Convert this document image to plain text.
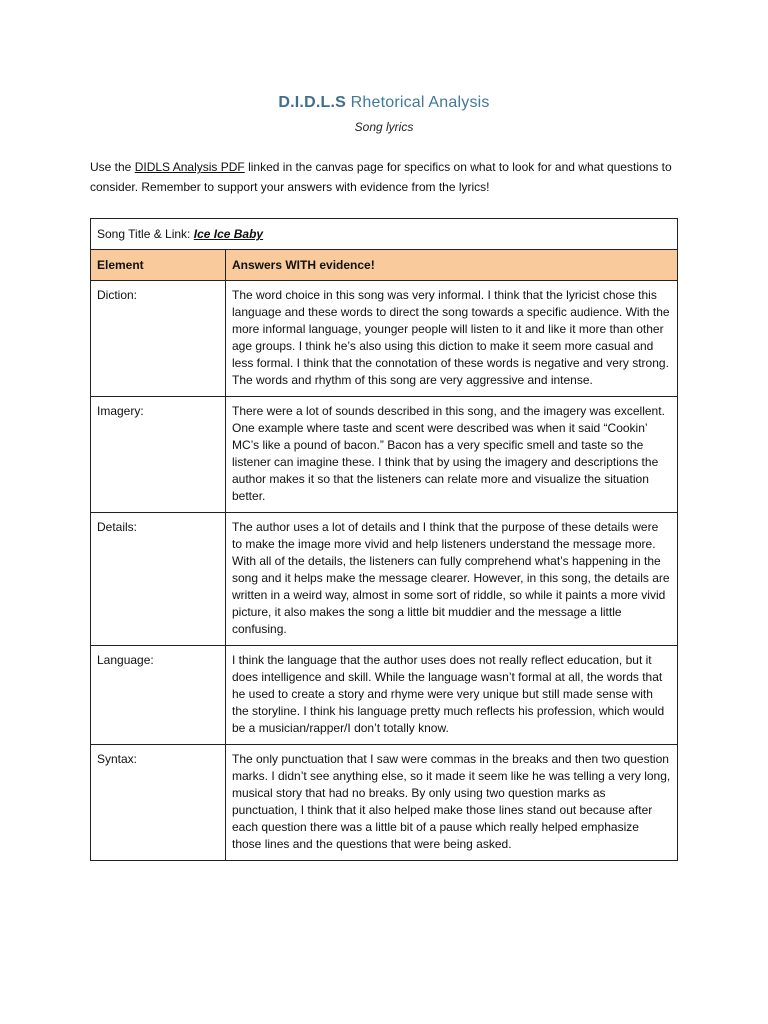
D.I.D.L.S Rhetorical Analysis
Song lyrics
Use the DIDLS Analysis PDF linked in the canvas page for specifics on what to look for and what questions to consider. Remember to support your answers with evidence from the lyrics!
Song Title & Link: Ice Ice Baby	
Element	Answers WITH evidence!
Diction:	The word choice in this song was very informal. I think that the lyricist chose this language and these words to direct the song towards a specific audience. With the more informal language, younger people will listen to it and like it more than other age groups. I think he’s also using this diction to make it seem more casual and less formal. I think that the connotation of these words is negative and very strong. The words and rhythm of this song are very aggressive and intense.
Imagery:	There were a lot of sounds described in this song, and the imagery was excellent. One example where taste and scent were described was when it said “Cookin’ MC’s like a pound of bacon.” Bacon has a very specific smell and taste so the listener can imagine these. I think that by using the imagery and descriptions the author makes it so that the listeners can relate more and visualize the situation better.
Details:	The author uses a lot of details and I think that the purpose of these details were to make the image more vivid and help listeners understand the message more. With all of the details, the listeners can fully comprehend what’s happening in the song and it helps make the message clearer. However, in this song, the details are written in a weird way, almost in some sort of riddle, so while it paints a more vivid picture, it also makes the song a little bit muddier and the message a little confusing.
Language:	I think the language that the author uses does not really reflect education, but it does intelligence and skill. While the language wasn’t formal at all, the words that he used to create a story and rhyme were very unique but still made sense with the storyline. I think his language pretty much reflects his profession, which would be a musician/rapper/I don’t totally know.
Syntax:	The only punctuation that I saw were commas in the breaks and then two question marks. I didn’t see anything else, so it made it seem like he was telling a very long, musical story that had no breaks. By only using two question marks as punctuation, I think that it also helped make those lines stand out because after each question there was a little bit of a pause which really helped emphasize those lines and the questions that were being asked.
